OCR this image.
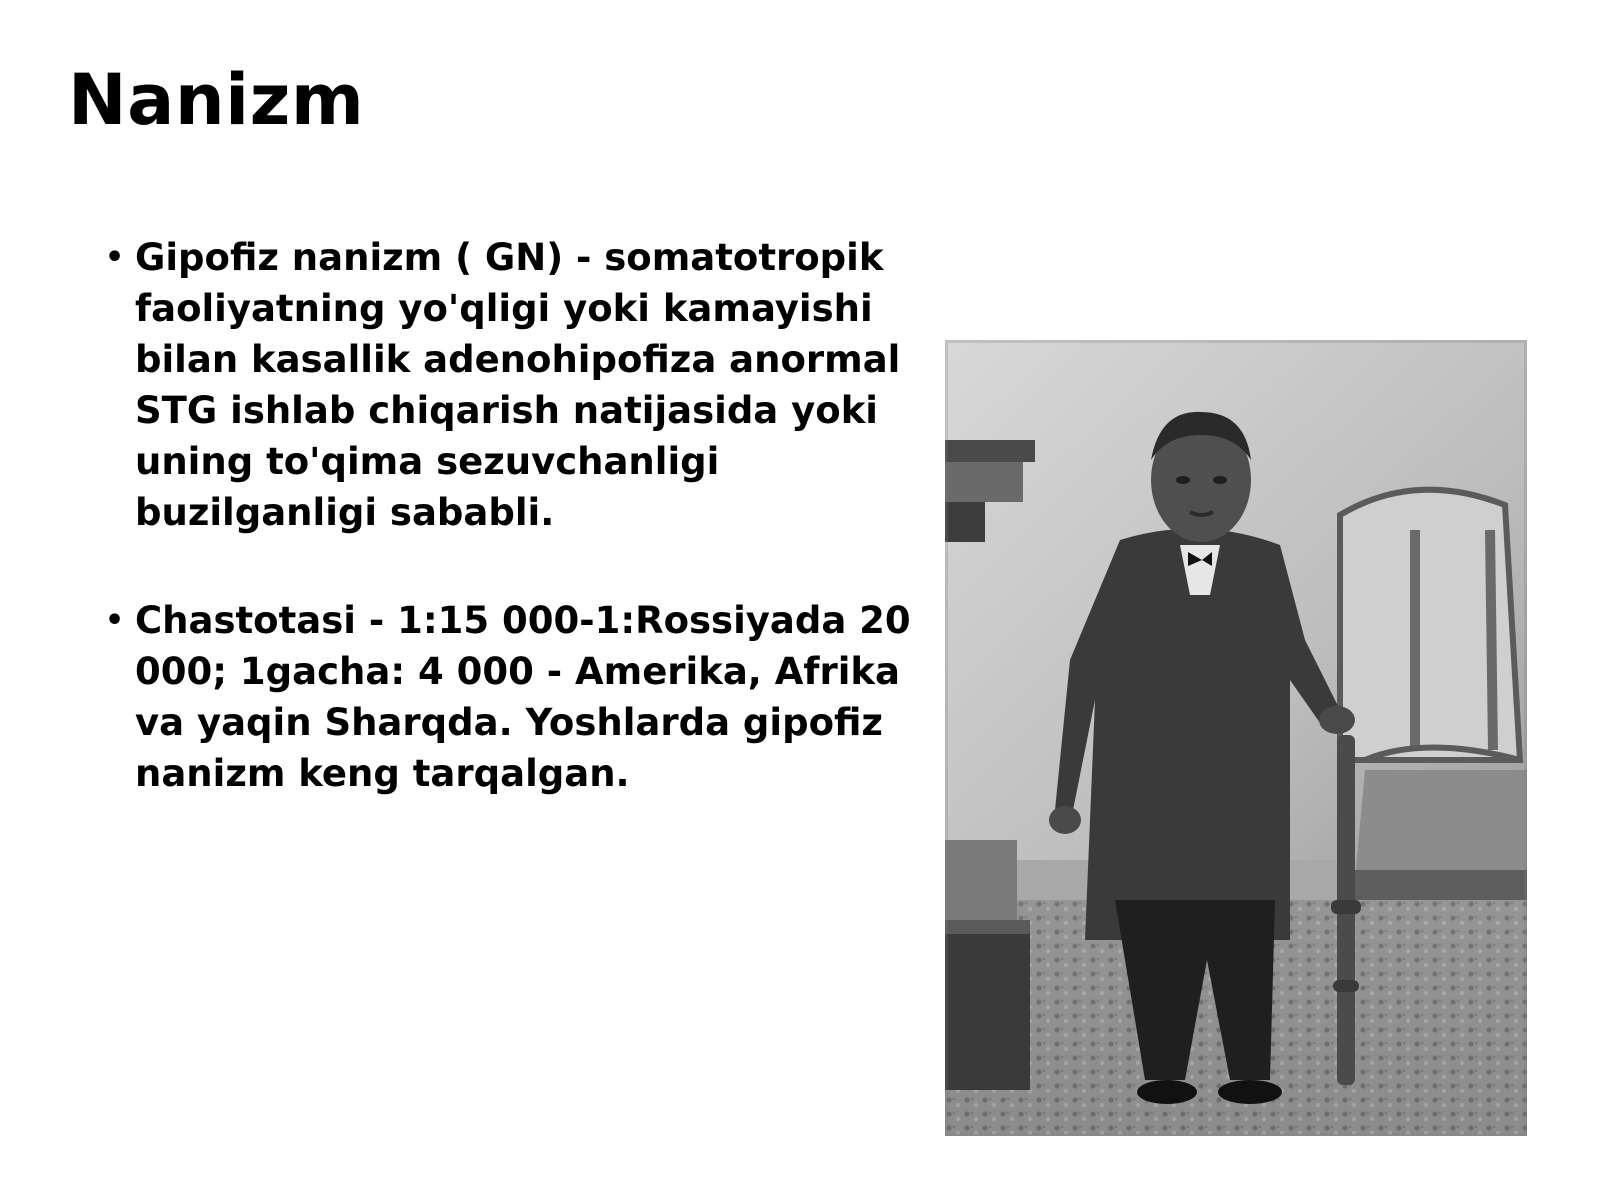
Nanizm
• Gipofiz nanizm ( GN) - somatotropik faoliyatning yo'qligi yoki kamayishi bilan kasallik adenohipofiza anormal STG ishlab chiqarish natijasida yoki uning to'qima sezuvchanligi buzilganligi sababli.
• Chastotasi - 1:15 000-1:Rossiyada 20 000; 1gacha: 4 000 - Amerika, Afrika va yaqin Sharqda. Yoshlarda gipofiz nanizm keng tarqalgan.
